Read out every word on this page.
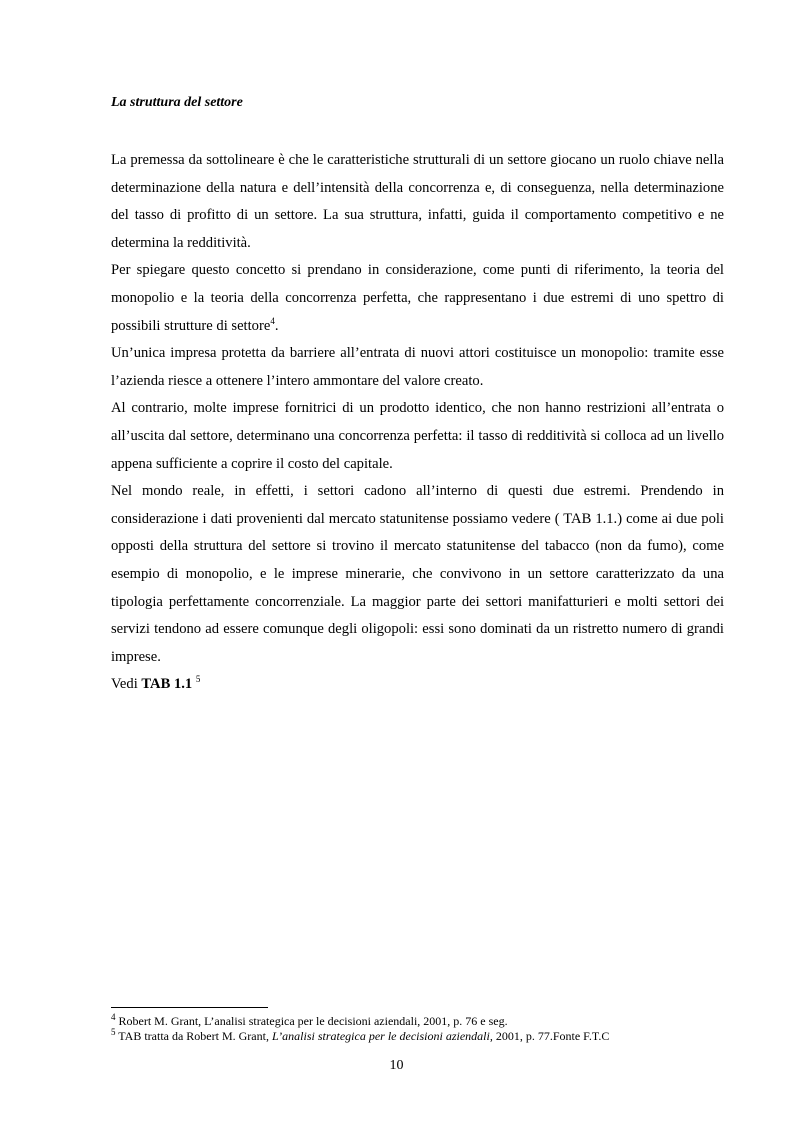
La struttura del settore

La premessa da sottolineare è che le caratteristiche strutturali di un settore giocano un ruolo chiave nella determinazione della natura e dell’intensità della concorrenza e, di conseguenza, nella determinazione del tasso di profitto di un settore. La sua struttura, infatti, guida il comportamento competitivo e ne determina la redditività.

Per spiegare questo concetto si prendano in considerazione, come punti di riferimento, la teoria del monopolio e la teoria della concorrenza perfetta, che rappresentano i due estremi di uno spettro di possibili strutture di settore$^4$.

Un’unica impresa protetta da barriere all’entrata di nuovi attori costituisce un monopolio: tramite esse l’azienda riesce a ottenere l’intero ammontare del valore creato.

Al contrario, molte imprese fornitrici di un prodotto identico, che non hanno restrizioni all’entrata o all’uscita dal settore, determinano una concorrenza perfetta: il tasso di redditività si colloca ad un livello appena sufficiente a coprire il costo del capitale.

Nel mondo reale, in effetti, i settori cadono all’interno di questi due estremi. Prendendo in considerazione i dati provenienti dal mercato statunitense possiamo vedere ( TAB 1.1.) come ai due poli opposti della struttura del settore si trovino il mercato statunitense del tabacco (non da fumo), come esempio di monopolio, e le imprese minerarie, che convivono in un settore caratterizzato da una tipologia perfettamente concorrenziale. La maggior parte dei settori manifatturieri e molti settori dei servizi tendono ad essere comunque degli oligopoli: essi sono dominati da un ristretto numero di grandi imprese.

Vedi TAB 1.1 $^5$

$^4$ Robert M. Grant, L’analisi strategica per le decisioni aziendali, 2001, p. 76 e seg.

$^5$ TAB tratta da Robert M. Grant, L’analisi strategica per le decisioni aziendali, 2001, p. 77.Fonte F.T.C

10
